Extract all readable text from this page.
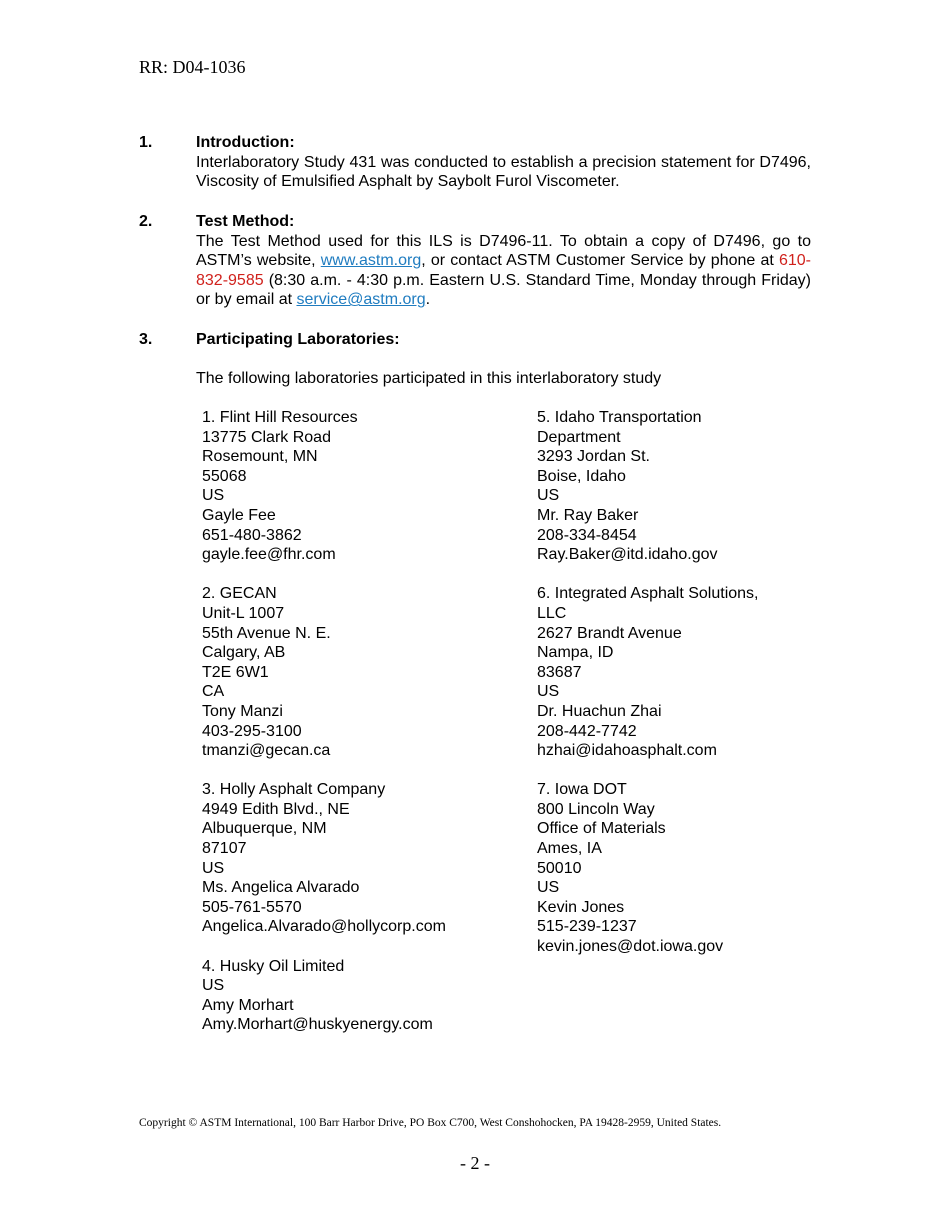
RR: D04-1036
1.	Introduction:
Interlaboratory Study 431 was conducted to establish a precision statement for D7496, Viscosity of Emulsified Asphalt by Saybolt Furol Viscometer.
2.	Test Method:
The Test Method used for this ILS is D7496-11. To obtain a copy of D7496, go to ASTM’s website, www.astm.org, or contact ASTM Customer Service by phone at 610-832-9585 (8:30 a.m. - 4:30 p.m. Eastern U.S. Standard Time, Monday through Friday) or by email at service@astm.org.
3.	Participating Laboratories:
The following laboratories participated in this interlaboratory study
1. Flint Hill Resources
13775 Clark Road
Rosemount, MN
55068
US
Gayle Fee
651-480-3862
gayle.fee@fhr.com
2. GECAN
Unit-L 1007
55th Avenue N. E.
Calgary, AB
T2E 6W1
CA
Tony Manzi
403-295-3100
tmanzi@gecan.ca
3. Holly Asphalt Company
4949 Edith Blvd., NE
Albuquerque, NM
87107
US
Ms. Angelica Alvarado
505-761-5570
Angelica.Alvarado@hollycorp.com
4. Husky Oil Limited
US
Amy Morhart
Amy.Morhart@huskyenergy.com
5. Idaho Transportation
Department
3293 Jordan St.
Boise, Idaho
US
Mr. Ray Baker
208-334-8454
Ray.Baker@itd.idaho.gov
6. Integrated Asphalt Solutions,
LLC
2627 Brandt Avenue
Nampa, ID
83687
US
Dr. Huachun Zhai
208-442-7742
hzhai@idahoasphalt.com
7. Iowa DOT
800 Lincoln Way
Office of Materials
Ames, IA
50010
US
Kevin Jones
515-239-1237
kevin.jones@dot.iowa.gov
Copyright © ASTM International, 100 Barr Harbor Drive, PO Box C700, West Conshohocken, PA 19428-2959, United States.
- 2 -
